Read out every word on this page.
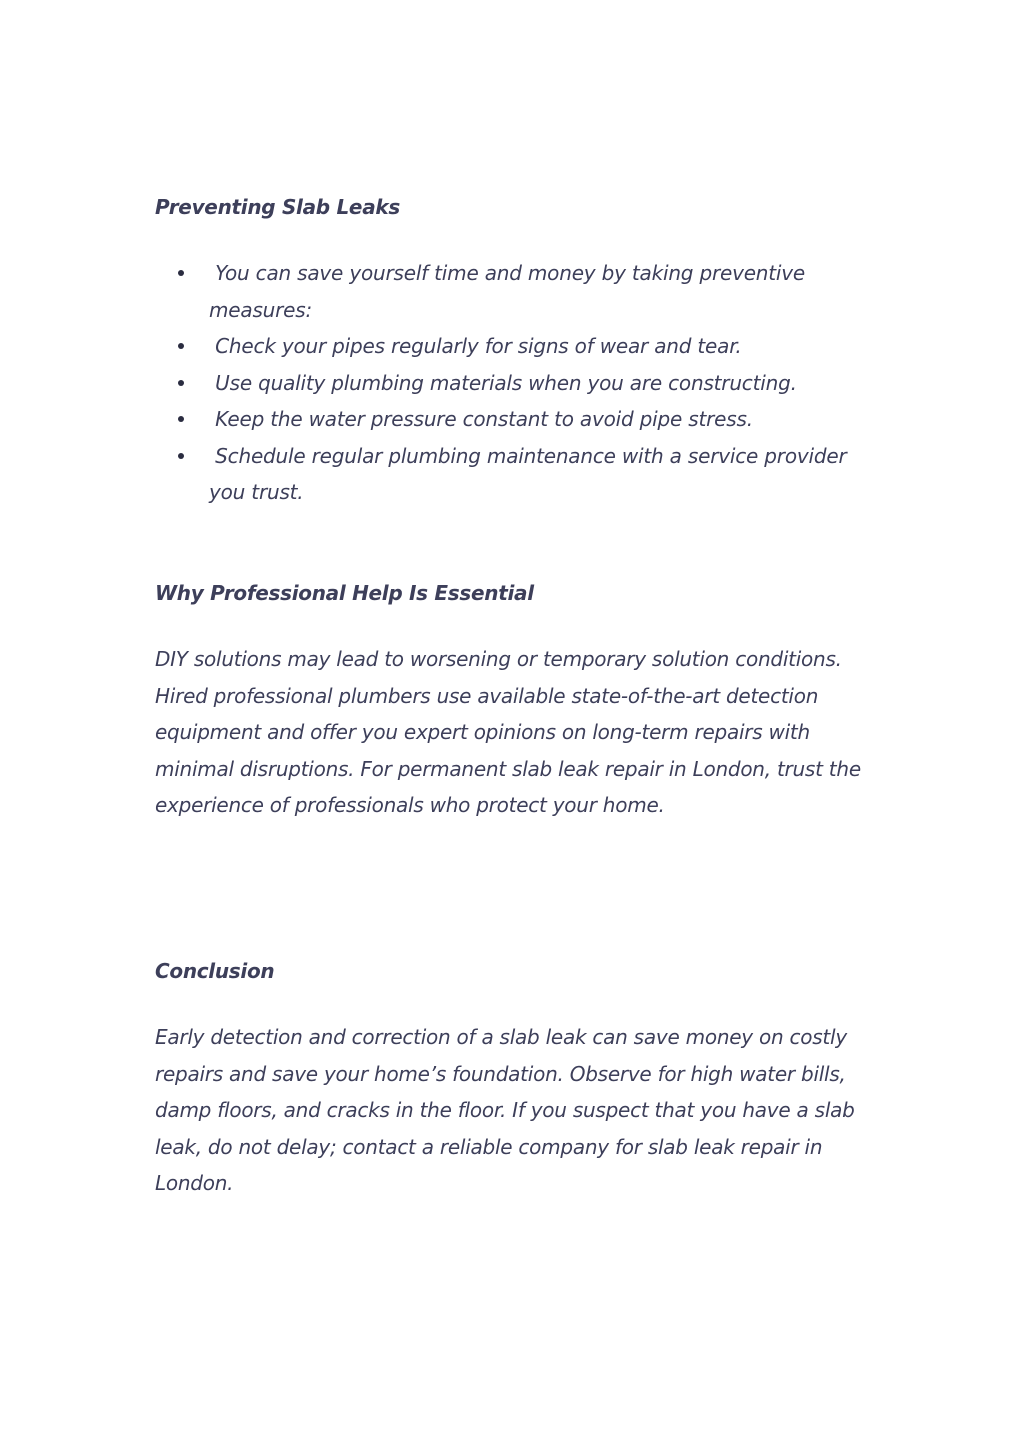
Preventing Slab Leaks
You can save yourself time and money by taking preventive measures:
Check your pipes regularly for signs of wear and tear.
Use quality plumbing materials when you are constructing.
Keep the water pressure constant to avoid pipe stress.
Schedule regular plumbing maintenance with a service provider you trust.
Why Professional Help Is Essential

DIY solutions may lead to worsening or temporary solution conditions. Hired professional plumbers use available state-of-the-art detection equipment and offer you expert opinions on long-term repairs with minimal disruptions. For permanent slab leak repair in London, trust the experience of professionals who protect your home.

Conclusion

Early detection and correction of a slab leak can save money on costly repairs and save your home’s foundation. Observe for high water bills, damp floors, and cracks in the floor. If you suspect that you have a slab leak, do not delay; contact a reliable company for slab leak repair in London.
